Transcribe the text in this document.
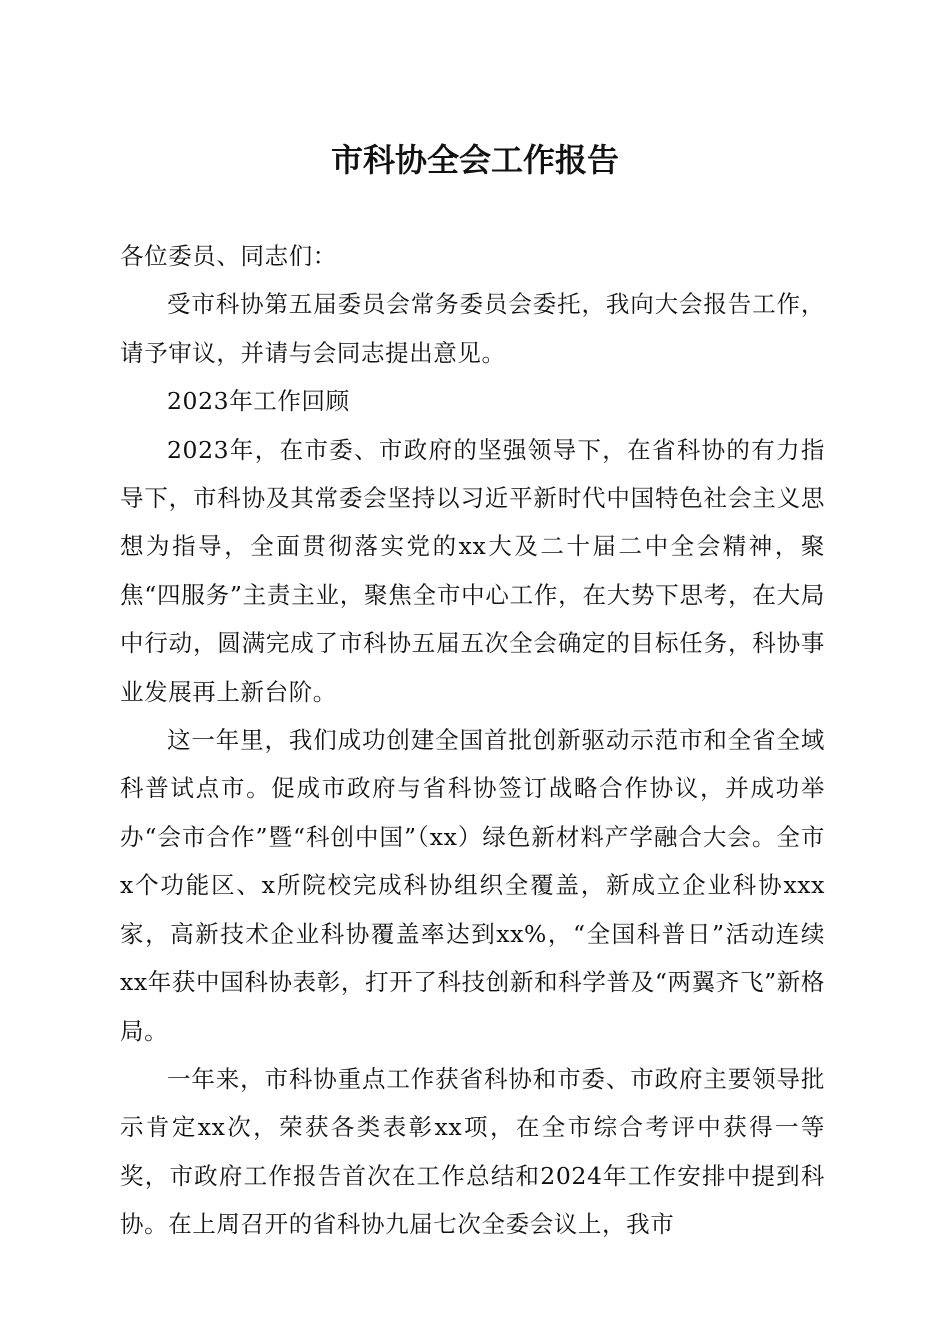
市科协全会工作报告

各位委员、同志们：

受市科协第五届委员会常务委员会委托，我向大会报告工作，请予审议，并请与会同志提出意见。

2023年工作回顾

2023年，在市委、市政府的坚强领导下，在省科协的有力指导下，市科协及其常委会坚持以习近平新时代中国特色社会主义思想为指导，全面贯彻落实党的xx大及二十届二中全会精神，聚焦“四服务”主责主业，聚焦全市中心工作，在大势下思考，在大局中行动，圆满完成了市科协五届五次全会确定的目标任务，科协事业发展再上新台阶。

这一年里，我们成功创建全国首批创新驱动示范市和全省全域科普试点市。促成市政府与省科协签订战略合作协议，并成功举办“会市合作”暨“科创中国”（xx）绿色新材料产学融合大会。全市x个功能区、x所院校完成科协组织全覆盖，新成立企业科协xxx家，高新技术企业科协覆盖率达到xx%，“全国科普日”活动连续xx年获中国科协表彰，打开了科技创新和科学普及“两翼齐飞”新格局。

一年来，市科协重点工作获省科协和市委、市政府主要领导批示肯定xx次，荣获各类表彰xx项，在全市综合考评中获得一等奖，市政府工作报告首次在工作总结和2024年工作安排中提到科协。在上周召开的省科协九届七次全委会议上，我市
